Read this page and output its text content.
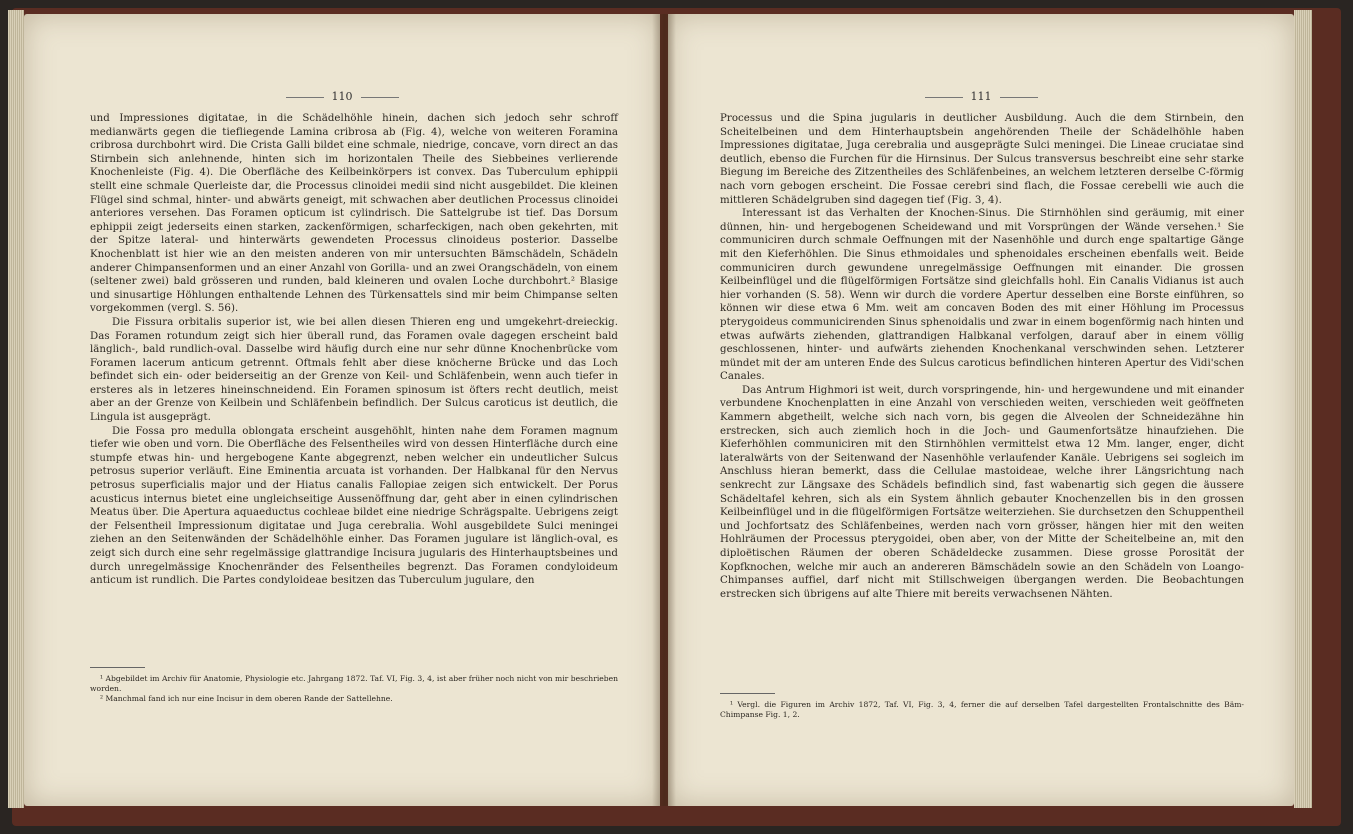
110

und Impressiones digitatae, in die Schädelhöhle hinein, dachen sich jedoch sehr schroff medianwärts gegen die tiefliegende Lamina cribrosa ab (Fig. 4), welche von weiteren Foramina cribrosa durchbohrt wird. Die Crista Galli bildet eine schmale, niedrige, concave, vorn direct an das Stirnbein sich anlehnende, hinten sich im horizontalen Theile des Siebbeines verlierende Knochenleiste (Fig. 4). Die Oberfläche des Keilbeinkörpers ist convex. Das Tuberculum ephippii stellt eine schmale Querleiste dar, die Processus clinoidei medii sind nicht ausgebildet. Die kleinen Flügel sind schmal, hinter- und abwärts geneigt, mit schwachen aber deutlichen Processus clinoidei anteriores versehen. Das Foramen opticum ist cylindrisch. Die Sattelgrube ist tief. Das Dorsum ephippii zeigt jederseits einen starken, zackenförmigen, scharfeckigen, nach oben gekehrten, mit der Spitze lateral- und hinterwärts gewendeten Processus clinoideus posterior. Dasselbe Knochenblatt ist hier wie an den meisten anderen von mir untersuchten Bämschädeln, Schädeln anderer Chimpansenformen und an einer Anzahl von Gorilla- und an zwei Orangschädeln, von einem (seltener zwei) bald grösseren und runden, bald kleineren und ovalen Loche durchbohrt.² Blasige und sinusartige Höhlungen enthaltende Lehnen des Türkensattels sind mir beim Chimpanse selten vorgekommen (vergl. S. 56).

Die Fissura orbitalis superior ist, wie bei allen diesen Thieren eng und umgekehrt-dreieckig. Das Foramen rotundum zeigt sich hier überall rund, das Foramen ovale dagegen erscheint bald länglich-, bald rundlich-oval. Dasselbe wird häufig durch eine nur sehr dünne Knochenbrücke vom Foramen lacerum anticum getrennt. Oftmals fehlt aber diese knöcherne Brücke und das Loch befindet sich ein- oder beiderseitig an der Grenze von Keil- und Schläfenbein, wenn auch tiefer in ersteres als in letzeres hineinschneidend. Ein Foramen spinosum ist öfters recht deutlich, meist aber an der Grenze von Keilbein und Schläfenbein befindlich. Der Sulcus caroticus ist deutlich, die Lingula ist ausgeprägt.

Die Fossa pro medulla oblongata erscheint ausgehöhlt, hinten nahe dem Foramen magnum tiefer wie oben und vorn. Die Oberfläche des Felsentheiles wird von dessen Hinterfläche durch eine stumpfe etwas hin- und hergebogene Kante abgegrenzt, neben welcher ein undeutlicher Sulcus petrosus superior verläuft. Eine Eminentia arcuata ist vorhanden. Der Halbkanal für den Nervus petrosus superficialis major und der Hiatus canalis Fallopiae zeigen sich entwickelt. Der Porus acusticus internus bietet eine ungleichseitige Aussenöffnung dar, geht aber in einen cylindrischen Meatus über. Die Apertura aquaeductus cochleae bildet eine niedrige Schrägspalte. Uebrigens zeigt der Felsentheil Impressionum digitatae und Juga cerebralia. Wohl ausgebildete Sulci meningei ziehen an den Seitenwänden der Schädelhöhle einher. Das Foramen jugulare ist länglich-oval, es zeigt sich durch eine sehr regelmässige glattrandige Incisura jugularis des Hinterhauptsbeines und durch unregelmässige Knochenränder des Felsentheiles begrenzt. Das Foramen condyloideum anticum ist rundlich. Die Partes condyloideae besitzen das Tuberculum jugulare, den

¹ Abgebildet im Archiv für Anatomie, Physiologie etc. Jahrgang 1872. Taf. VI, Fig. 3, 4, ist aber früher noch nicht von mir beschrieben worden.
² Manchmal fand ich nur eine Incisur in dem oberen Rande der Sattellehne.
111

Processus und die Spina jugularis in deutlicher Ausbildung. Auch die dem Stirnbein, den Scheitelbeinen und dem Hinterhauptsbein angehörenden Theile der Schädelhöhle haben Impressiones digitatae, Juga cerebralia und ausgeprägte Sulci meningei. Die Lineae cruciatae sind deutlich, ebenso die Furchen für die Hirnsinus. Der Sulcus transversus beschreibt eine sehr starke Biegung im Bereiche des Zitzentheiles des Schläfenbeines, an welchem letzteren derselbe C-förmig nach vorn gebogen erscheint. Die Fossae cerebri sind flach, die Fossae cerebelli wie auch die mittleren Schädelgruben sind dagegen tief (Fig. 3, 4).

Interessant ist das Verhalten der Knochen-Sinus. Die Stirnhöhlen sind geräumig, mit einer dünnen, hin- und hergebogenen Scheidewand und mit Vorsprüngen der Wände versehen.¹ Sie communiciren durch schmale Oeffnungen mit der Nasenhöhle und durch enge spaltartige Gänge mit den Kieferhöhlen. Die Sinus ethmoidales und sphenoidales erscheinen ebenfalls weit. Beide communiciren durch gewundene unregelmässige Oeffnungen mit einander. Die grossen Keilbeinflügel und die flügelförmigen Fortsätze sind gleichfalls hohl. Ein Canalis Vidianus ist auch hier vorhanden (S. 58). Wenn wir durch die vordere Apertur desselben eine Borste einführen, so können wir diese etwa 6 Mm. weit am concaven Boden des mit einer Höhlung im Processus pterygoideus communicirenden Sinus sphenoidalis und zwar in einem bogenförmig nach hinten und etwas aufwärts ziehenden, glattrandigen Halbkanal verfolgen, darauf aber in einem völlig geschlossenen, hinter- und aufwärts ziehenden Knochenkanal verschwinden sehen. Letzterer mündet mit der am unteren Ende des Sulcus caroticus befindlichen hinteren Apertur des Vidi'schen Canales.

Das Antrum Highmori ist weit, durch vorspringende, hin- und hergewundene und mit einander verbundene Knochenplatten in eine Anzahl von verschieden weiten, verschieden weit geöffneten Kammern abgetheilt, welche sich nach vorn, bis gegen die Alveolen der Schneidezähne hin erstrecken, sich auch ziemlich hoch in die Joch- und Gaumenfortsätze hinaufziehen. Die Kieferhöhlen communiciren mit den Stirnhöhlen vermittelst etwa 12 Mm. langer, enger, dicht lateralwärts von der Seitenwand der Nasenhöhle verlaufender Kanäle. Uebrigens sei sogleich im Anschluss hieran bemerkt, dass die Cellulae mastoideae, welche ihrer Längsrichtung nach senkrecht zur Längsaxe des Schädels befindlich sind, fast wabenartig sich gegen die äussere Schädeltafel kehren, sich als ein System ähnlich gebauter Knochenzellen bis in den grossen Keilbeinflügel und in die flügelförmigen Fortsätze weiterziehen. Sie durchsetzen den Schuppentheil und Jochfortsatz des Schläfenbeines, werden nach vorn grösser, hängen hier mit den weiten Hohlräumen der Processus pterygoidei, oben aber, von der Mitte der Scheitelbeine an, mit den diploëtischen Räumen der oberen Schädeldecke zusammen. Diese grosse Porosität der Kopfknochen, welche mir auch an andereren Bämschädeln sowie an den Schädeln von Loango-Chimpanses auffiel, darf nicht mit Stillschweigen übergangen werden. Die Beobachtungen erstrecken sich übrigens auf alte Thiere mit bereits verwachsenen Nähten.

¹ Vergl. die Figuren im Archiv 1872, Taf. VI, Fig. 3, 4, ferner die auf derselben Tafel dargestellten Frontalschnitte des Bäm-Chimpanse Fig. 1, 2.
